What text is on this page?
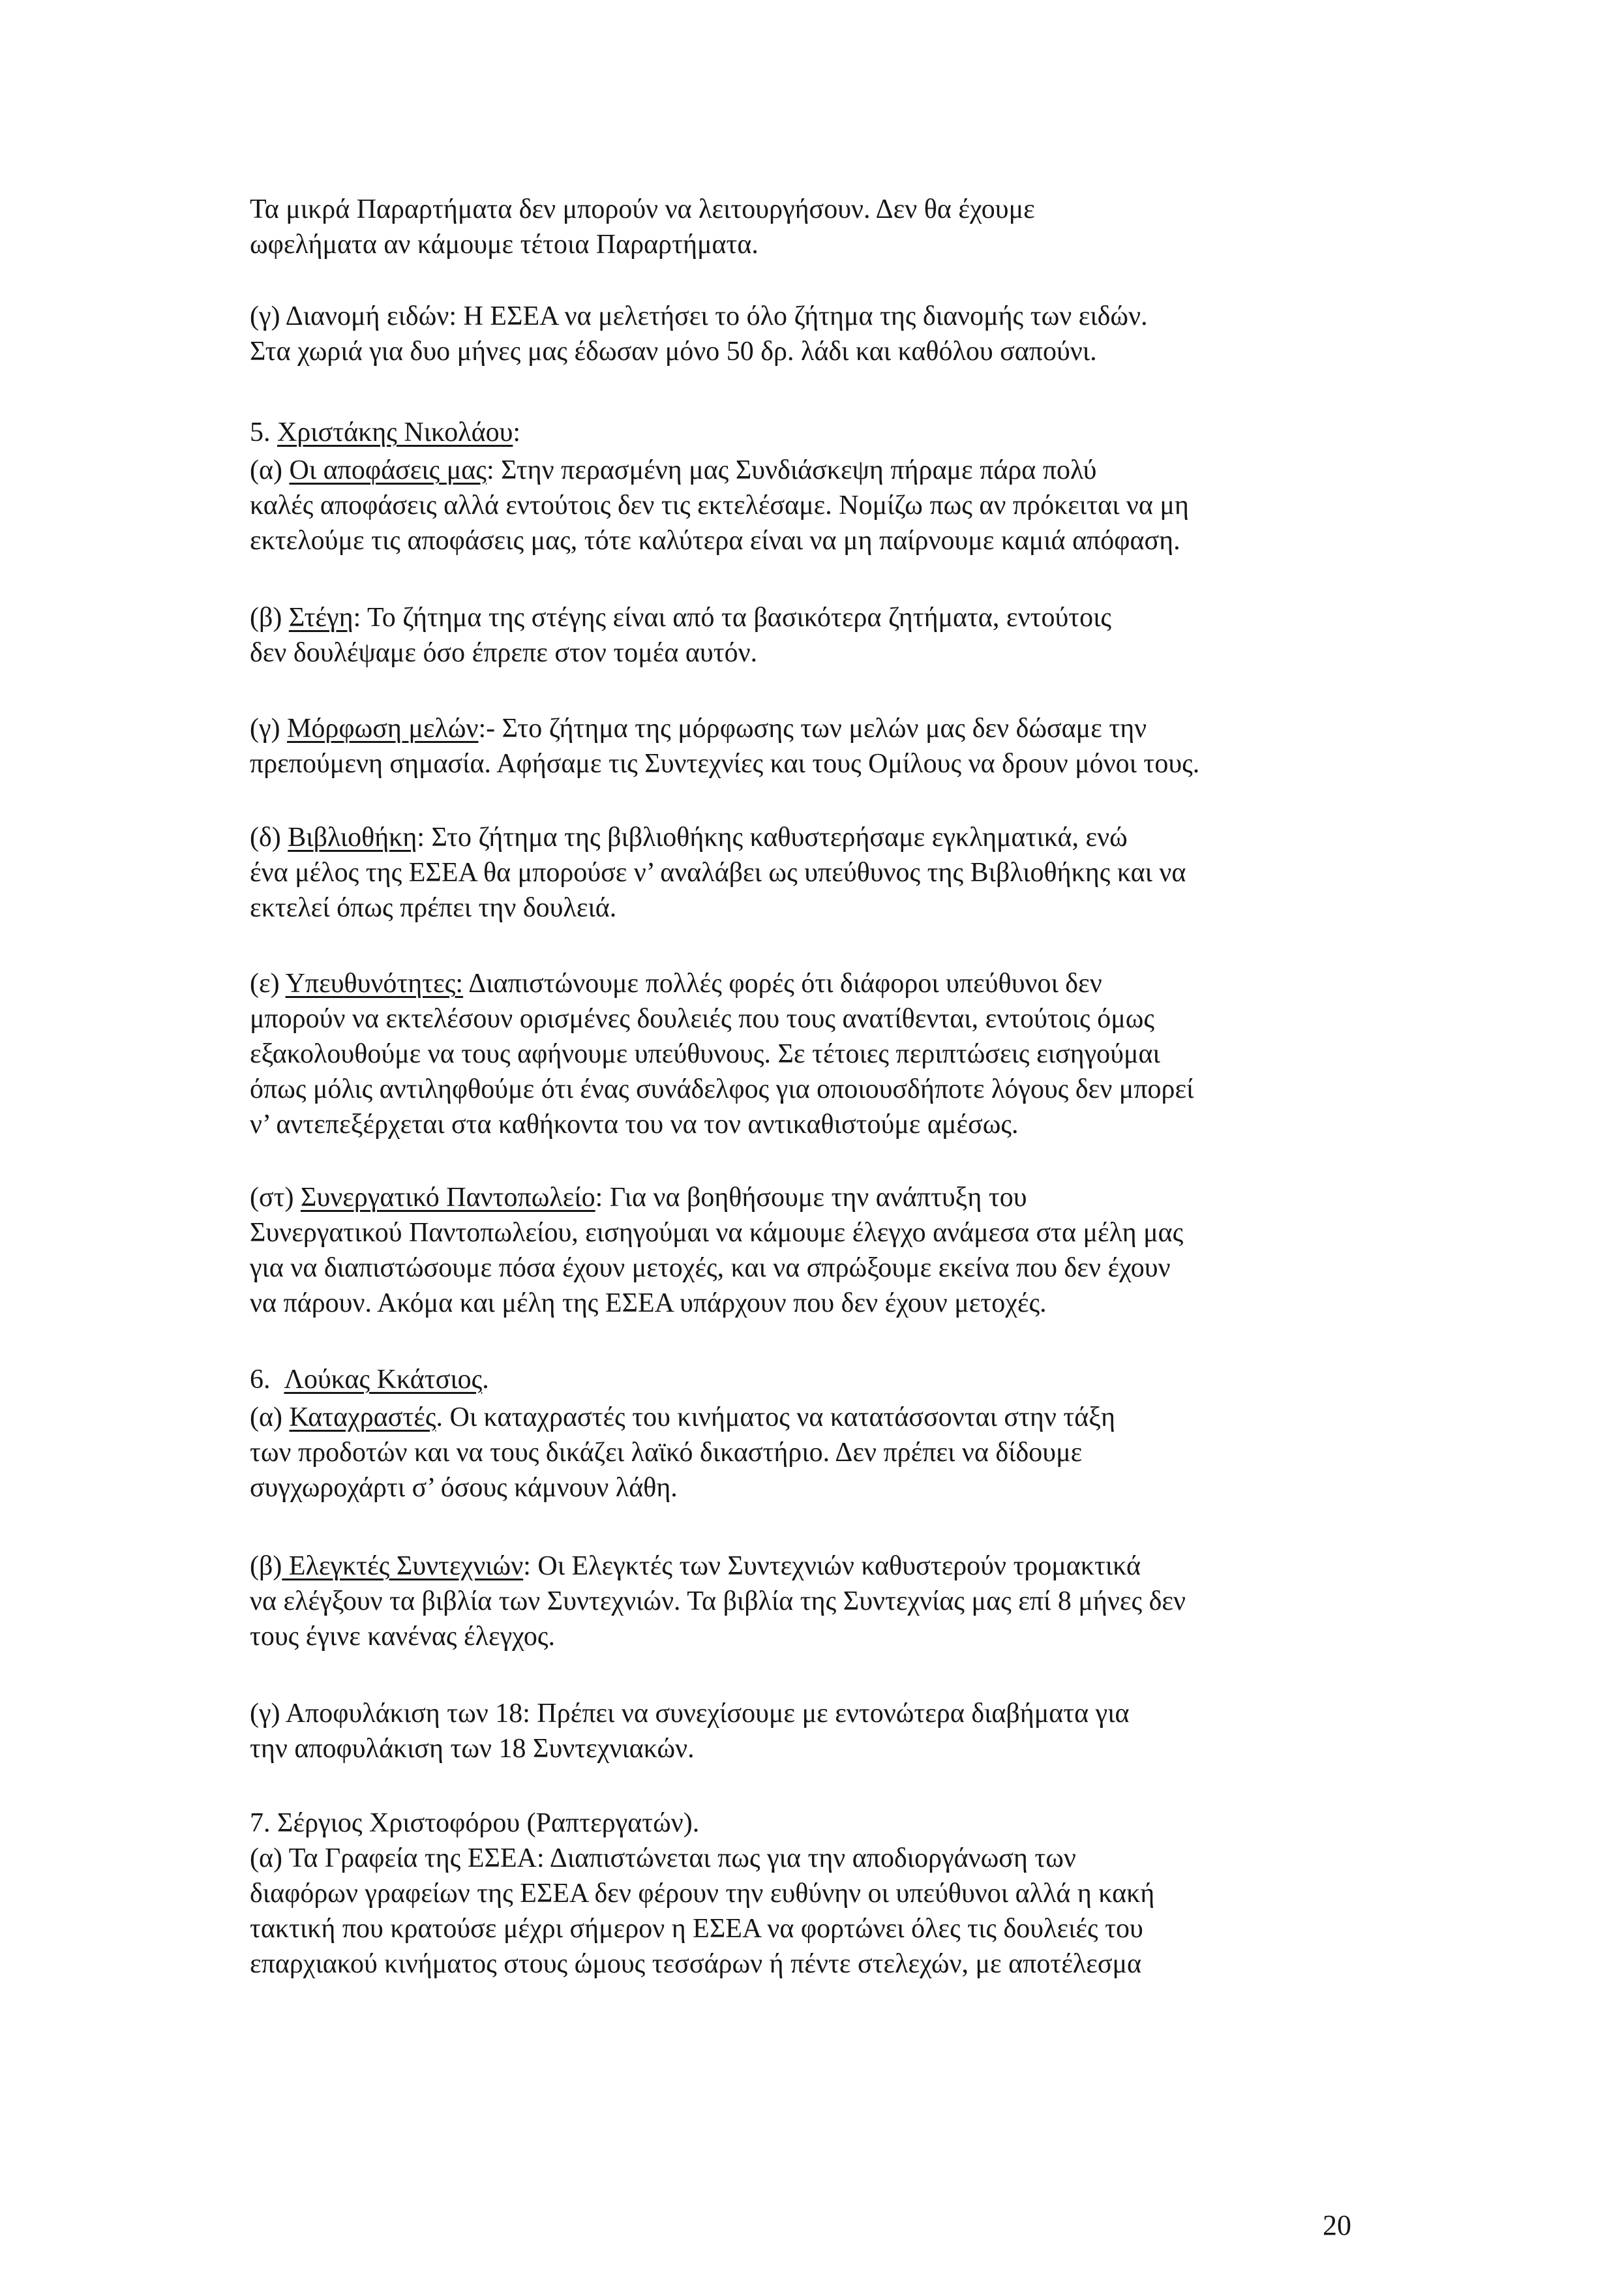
Τα μικρά Παραρτήματα δεν μπορούν να λειτουργήσουν. Δεν θα έχουμε
ωφελήματα αν κάμουμε τέτοια Παραρτήματα.
(γ) Διανομή ειδών: Η ΕΣΕΑ να μελετήσει το όλο ζήτημα της διανομής των ειδών.
Στα χωριά για δυο μήνες μας έδωσαν μόνο 50 δρ. λάδι και καθόλου σαπούνι.
5. Χριστάκης Νικολάου:
(α) Οι αποφάσεις μας: Στην περασμένη μας Συνδιάσκεψη πήραμε πάρα πολύ
καλές αποφάσεις αλλά εντούτοις δεν τις εκτελέσαμε. Νομίζω πως αν πρόκειται να μη
εκτελούμε τις αποφάσεις μας, τότε καλύτερα είναι να μη παίρνουμε καμιά απόφαση.
(β) Στέγη: Το ζήτημα της στέγης είναι από τα βασικότερα ζητήματα, εντούτοις
δεν δουλέψαμε όσο έπρεπε στον τομέα αυτόν.
(γ) Μόρφωση μελών:- Στο ζήτημα της μόρφωσης των μελών μας δεν δώσαμε την
πρεπούμενη σημασία. Αφήσαμε τις Συντεχνίες και τους Ομίλους να δρουν μόνοι τους.
(δ) Βιβλιοθήκη: Στο ζήτημα της βιβλιοθήκης καθυστερήσαμε εγκληματικά, ενώ
ένα μέλος της ΕΣΕΑ θα μπορούσε ν’ αναλάβει ως υπεύθυνος της Βιβλιοθήκης και να
εκτελεί όπως πρέπει την δουλειά.
(ε) Υπευθυνότητες: Διαπιστώνουμε πολλές φορές ότι διάφοροι υπεύθυνοι δεν
μπορούν να εκτελέσουν ορισμένες δουλειές που τους ανατίθενται, εντούτοις όμως
εξακολουθούμε να τους αφήνουμε υπεύθυνους. Σε τέτοιες περιπτώσεις εισηγούμαι
όπως μόλις αντιληφθούμε ότι ένας συνάδελφος για οποιουσδήποτε λόγους δεν μπορεί
ν’ αντεπεξέρχεται στα καθήκοντα του να τον αντικαθιστούμε αμέσως.
(στ) Συνεργατικό Παντοπωλείο: Για να βοηθήσουμε την ανάπτυξη του
Συνεργατικού Παντοπωλείου, εισηγούμαι να κάμουμε έλεγχο ανάμεσα στα μέλη μας
για να διαπιστώσουμε πόσα έχουν μετοχές, και να σπρώξουμε εκείνα που δεν έχουν
να πάρουν. Ακόμα και μέλη της ΕΣΕΑ υπάρχουν που δεν έχουν μετοχές.
6. Λούκας Κκάτσιος.
(α) Καταχραστές. Οι καταχραστές του κινήματος να κατατάσσονται στην τάξη
των προδοτών και να τους δικάζει λαϊκό δικαστήριο. Δεν πρέπει να δίδουμε
συγχωροχάρτι σ’ όσους κάμνουν λάθη.
(β) Ελεγκτές Συντεχνιών: Οι Ελεγκτές των Συντεχνιών καθυστερούν τρομακτικά
να ελέγξουν τα βιβλία των Συντεχνιών. Τα βιβλία της Συντεχνίας μας επί 8 μήνες δεν
τους έγινε κανένας έλεγχος.
(γ) Αποφυλάκιση των 18: Πρέπει να συνεχίσουμε με εντονώτερα διαβήματα για
την αποφυλάκιση των 18 Συντεχνιακών.
7. Σέργιος Χριστοφόρου (Ραπτεργατών).
(α) Τα Γραφεία της ΕΣΕΑ: Διαπιστώνεται πως για την αποδιοργάνωση των
διαφόρων γραφείων της ΕΣΕΑ δεν φέρουν την ευθύνην οι υπεύθυνοι αλλά η κακή
τακτική που κρατούσε μέχρι σήμερον η ΕΣΕΑ να φορτώνει όλες τις δουλειές του
επαρχιακού κινήματος στους ώμους τεσσάρων ή πέντε στελεχών, με αποτέλεσμα
20
